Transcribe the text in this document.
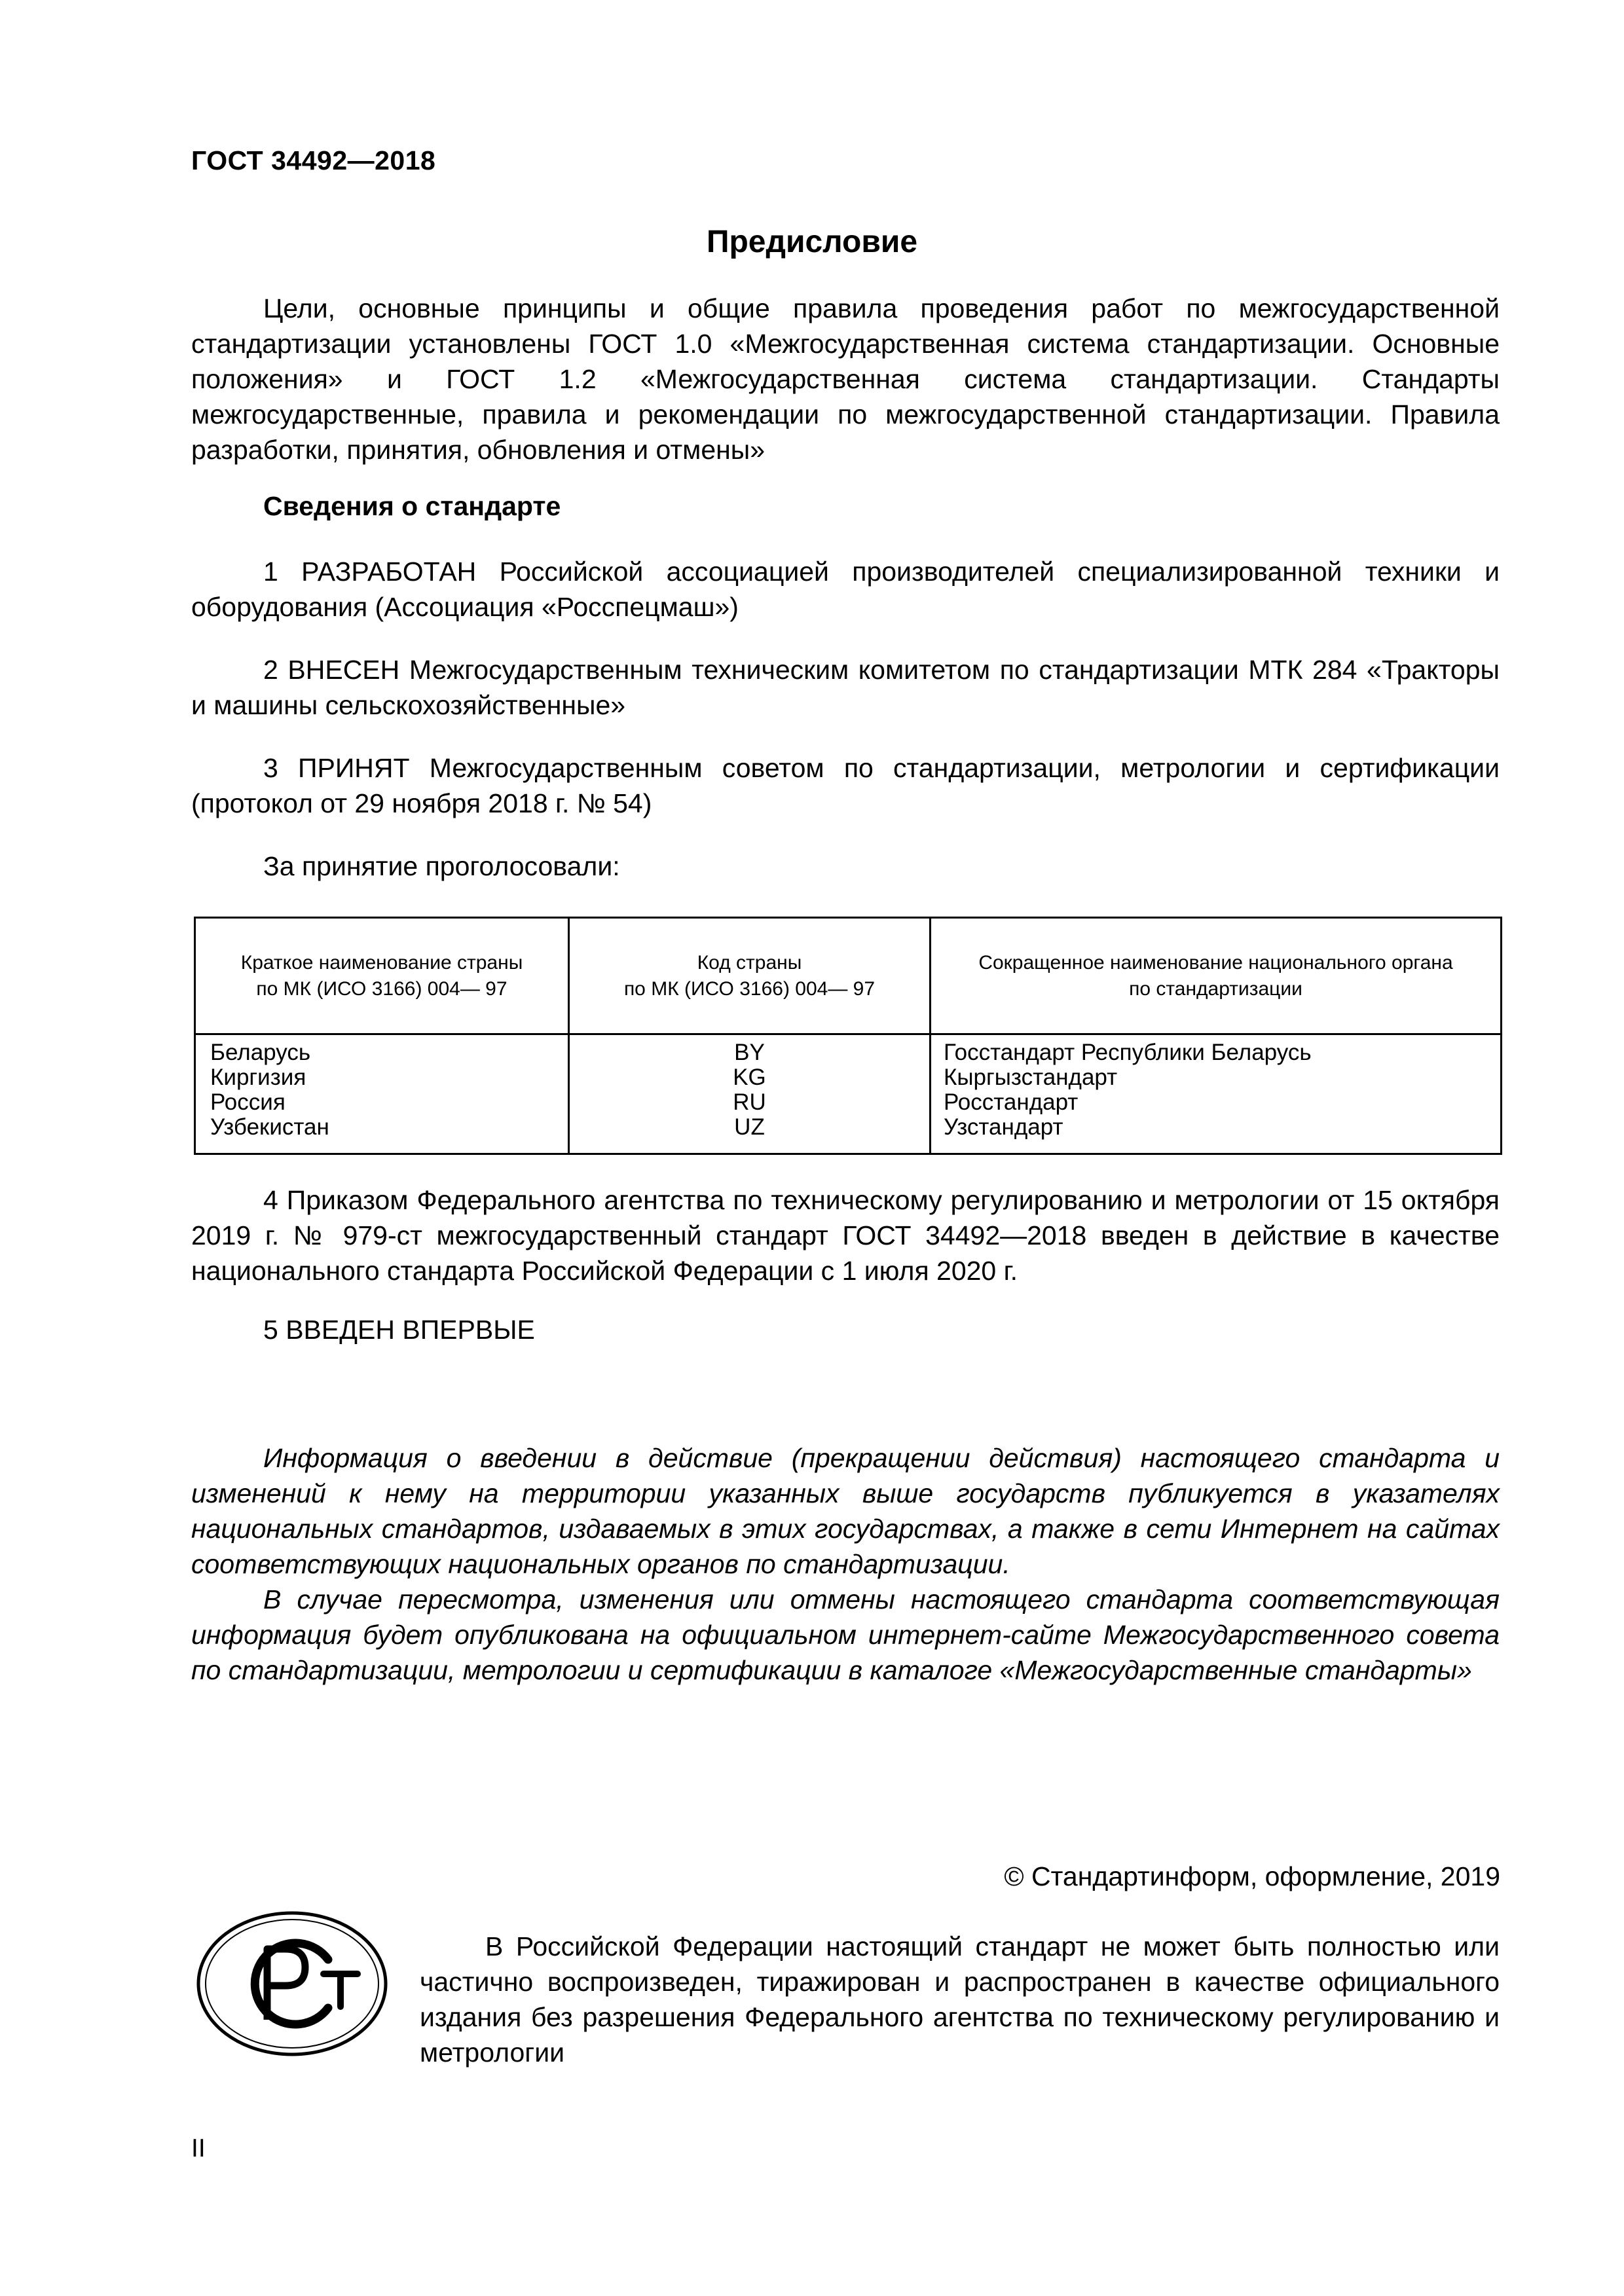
ГОСТ 34492—2018
Предисловие
Цели, основные принципы и общие правила проведения работ по межгосударственной стандартизации установлены ГОСТ 1.0 «Межгосударственная система стандартизации. Основные положения» и ГОСТ 1.2 «Межгосударственная система стандартизации. Стандарты межгосударственные, правила и рекомендации по межгосударственной стандартизации. Правила разработки, принятия, обновления и отмены»
Сведения о стандарте
1 РАЗРАБОТАН Российской ассоциацией производителей специализированной техники и оборудования (Ассоциация «Росспецмаш»)
2 ВНЕСЕН Межгосударственным техническим комитетом по стандартизации МТК 284 «Тракторы и машины сельскохозяйственные»
3 ПРИНЯТ Межгосударственным советом по стандартизации, метрологии и сертификации (протокол от 29 ноября 2018 г. № 54)
За принятие проголосовали:
Краткое наименование страны
по МК (ИСО 3166) 004— 97
Код страны
по МК (ИСО 3166) 004— 97
Сокращенное наименование национального органа
по стандартизации
Беларусь
Киргизия
Россия
Узбекистан
BY
KG
RU
UZ
Госстандарт Республики Беларусь
Кыргызстандарт
Росстандарт
Узстандарт
4 Приказом Федерального агентства по техническому регулированию и метрологии от 15 октября 2019 г. № 979-ст межгосударственный стандарт ГОСТ 34492—2018 введен в действие в качестве национального стандарта Российской Федерации с 1 июля 2020 г.
5 ВВЕДЕН ВПЕРВЫЕ
Информация о введении в действие (прекращении действия) настоящего стандарта и изменений к нему на территории указанных выше государств публикуется в указателях национальных стандартов, издаваемых в этих государствах, а также в сети Интернет на сайтах соответствующих национальных органов по стандартизации.
В случае пересмотра, изменения или отмены настоящего стандарта соответствующая информация будет опубликована на официальном интернет-сайте Межгосударственного совета по стандартизации, метрологии и сертификации в каталоге «Межгосударственные стандарты»
© Стандартинформ, оформление, 2019
В Российской Федерации настоящий стандарт не может быть полностью или частично воспроизведен, тиражирован и распространен в качестве официального издания без разрешения Федерального агентства по техническому регулированию и метрологии
II
